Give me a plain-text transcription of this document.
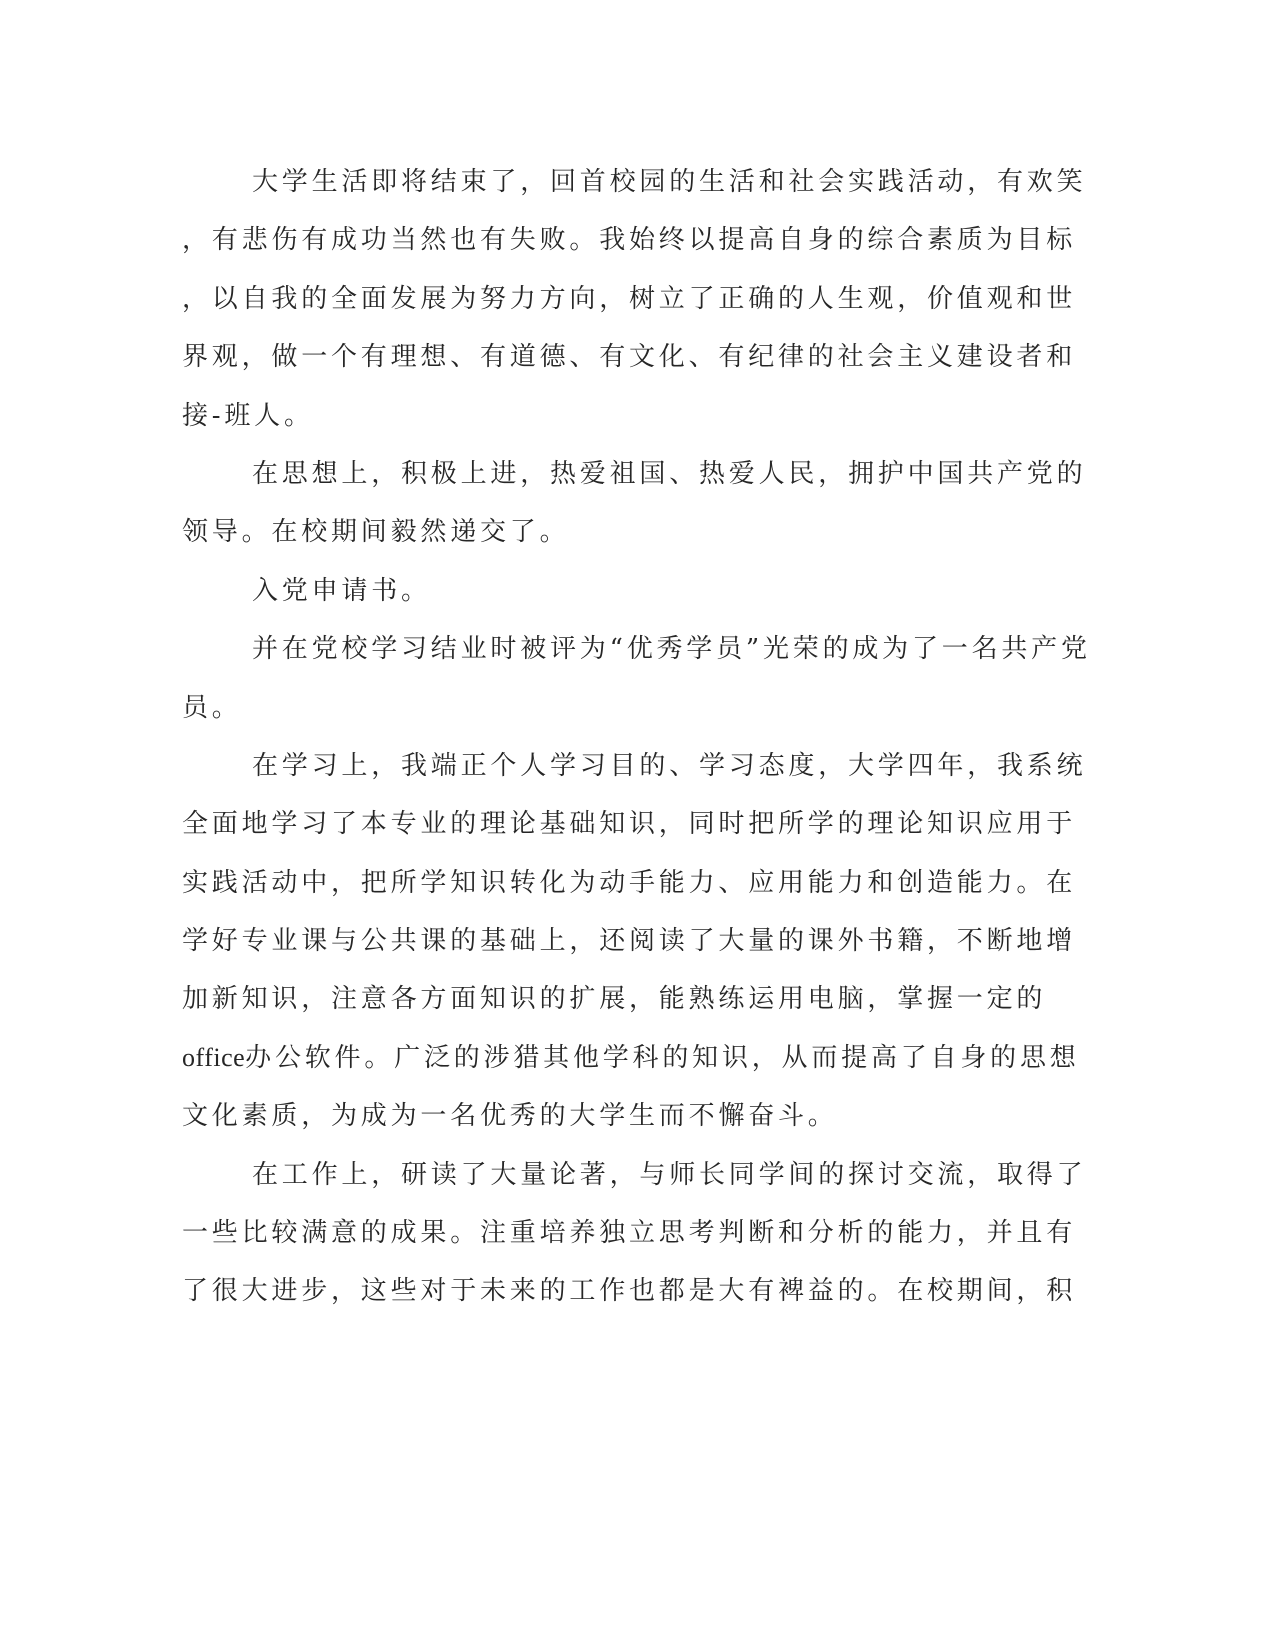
大学生活即将结束了，回首校园的生活和社会实践活动，有欢笑
，有悲伤有成功当然也有失败。我始终以提高自身的综合素质为目标
，以自我的全面发展为努力方向，树立了正确的人生观，价值观和世
界观，做一个有理想、有道德、有文化、有纪律的社会主义建设者和
接-班人。
在思想上，积极上进，热爱祖国、热爱人民，拥护中国共产党的
领导。在校期间毅然递交了。
入党申请书。
并在党校学习结业时被评为“优秀学员”光荣的成为了一名共产党
员。
在学习上，我端正个人学习目的、学习态度，大学四年，我系统
全面地学习了本专业的理论基础知识，同时把所学的理论知识应用于
实践活动中，把所学知识转化为动手能力、应用能力和创造能力。在
学好专业课与公共课的基础上，还阅读了大量的课外书籍，不断地增
加新知识，注意各方面知识的扩展，能熟练运用电脑，掌握一定的
office办公软件。广泛的涉猎其他学科的知识，从而提高了自身的思想
文化素质，为成为一名优秀的大学生而不懈奋斗。
在工作上，研读了大量论著，与师长同学间的探讨交流，取得了
一些比较满意的成果。注重培养独立思考判断和分析的能力，并且有
了很大进步，这些对于未来的工作也都是大有裨益的。在校期间，积
